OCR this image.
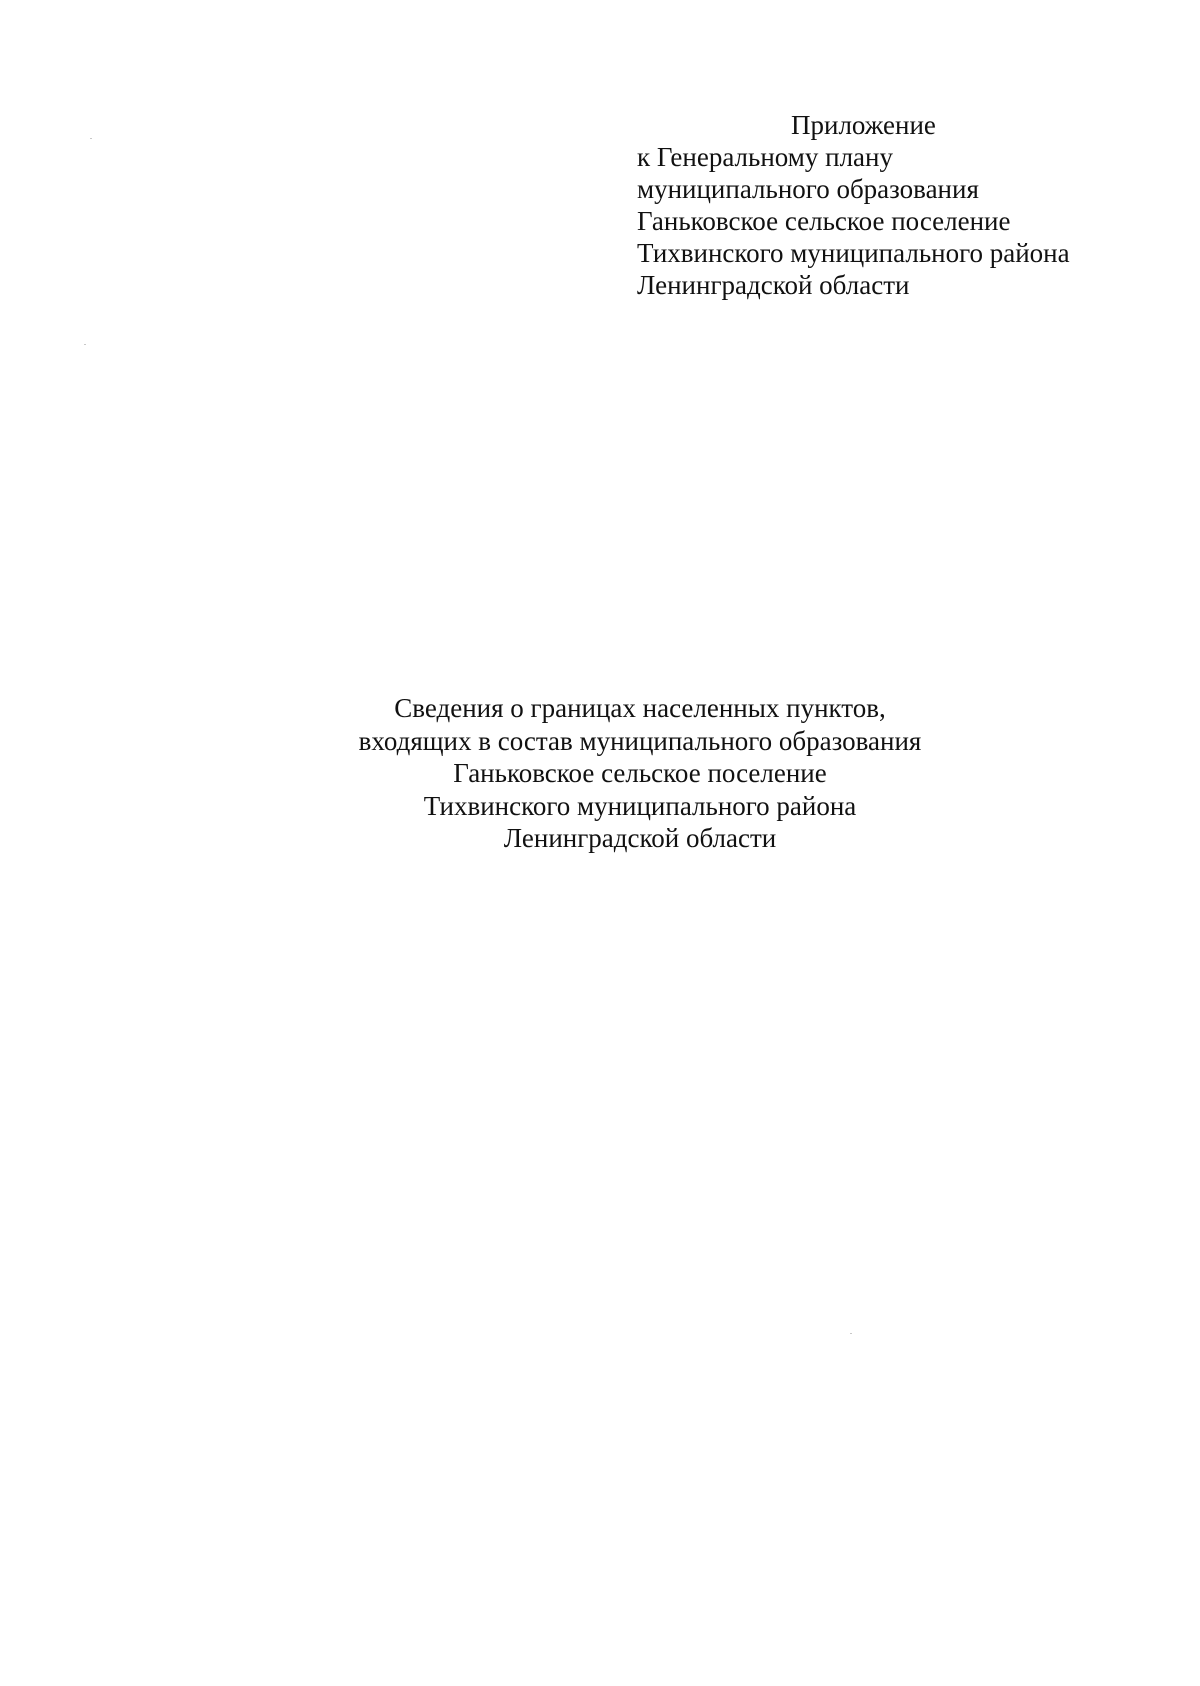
Приложение
к Генеральному плану
муниципального образования
Ганьковское сельское поселение
Тихвинского муниципального района
Ленинградской области
Сведения о границах населенных пунктов,
входящих в состав муниципального образования
Ганьковское сельское поселение
Тихвинского муниципального района
Ленинградской области
